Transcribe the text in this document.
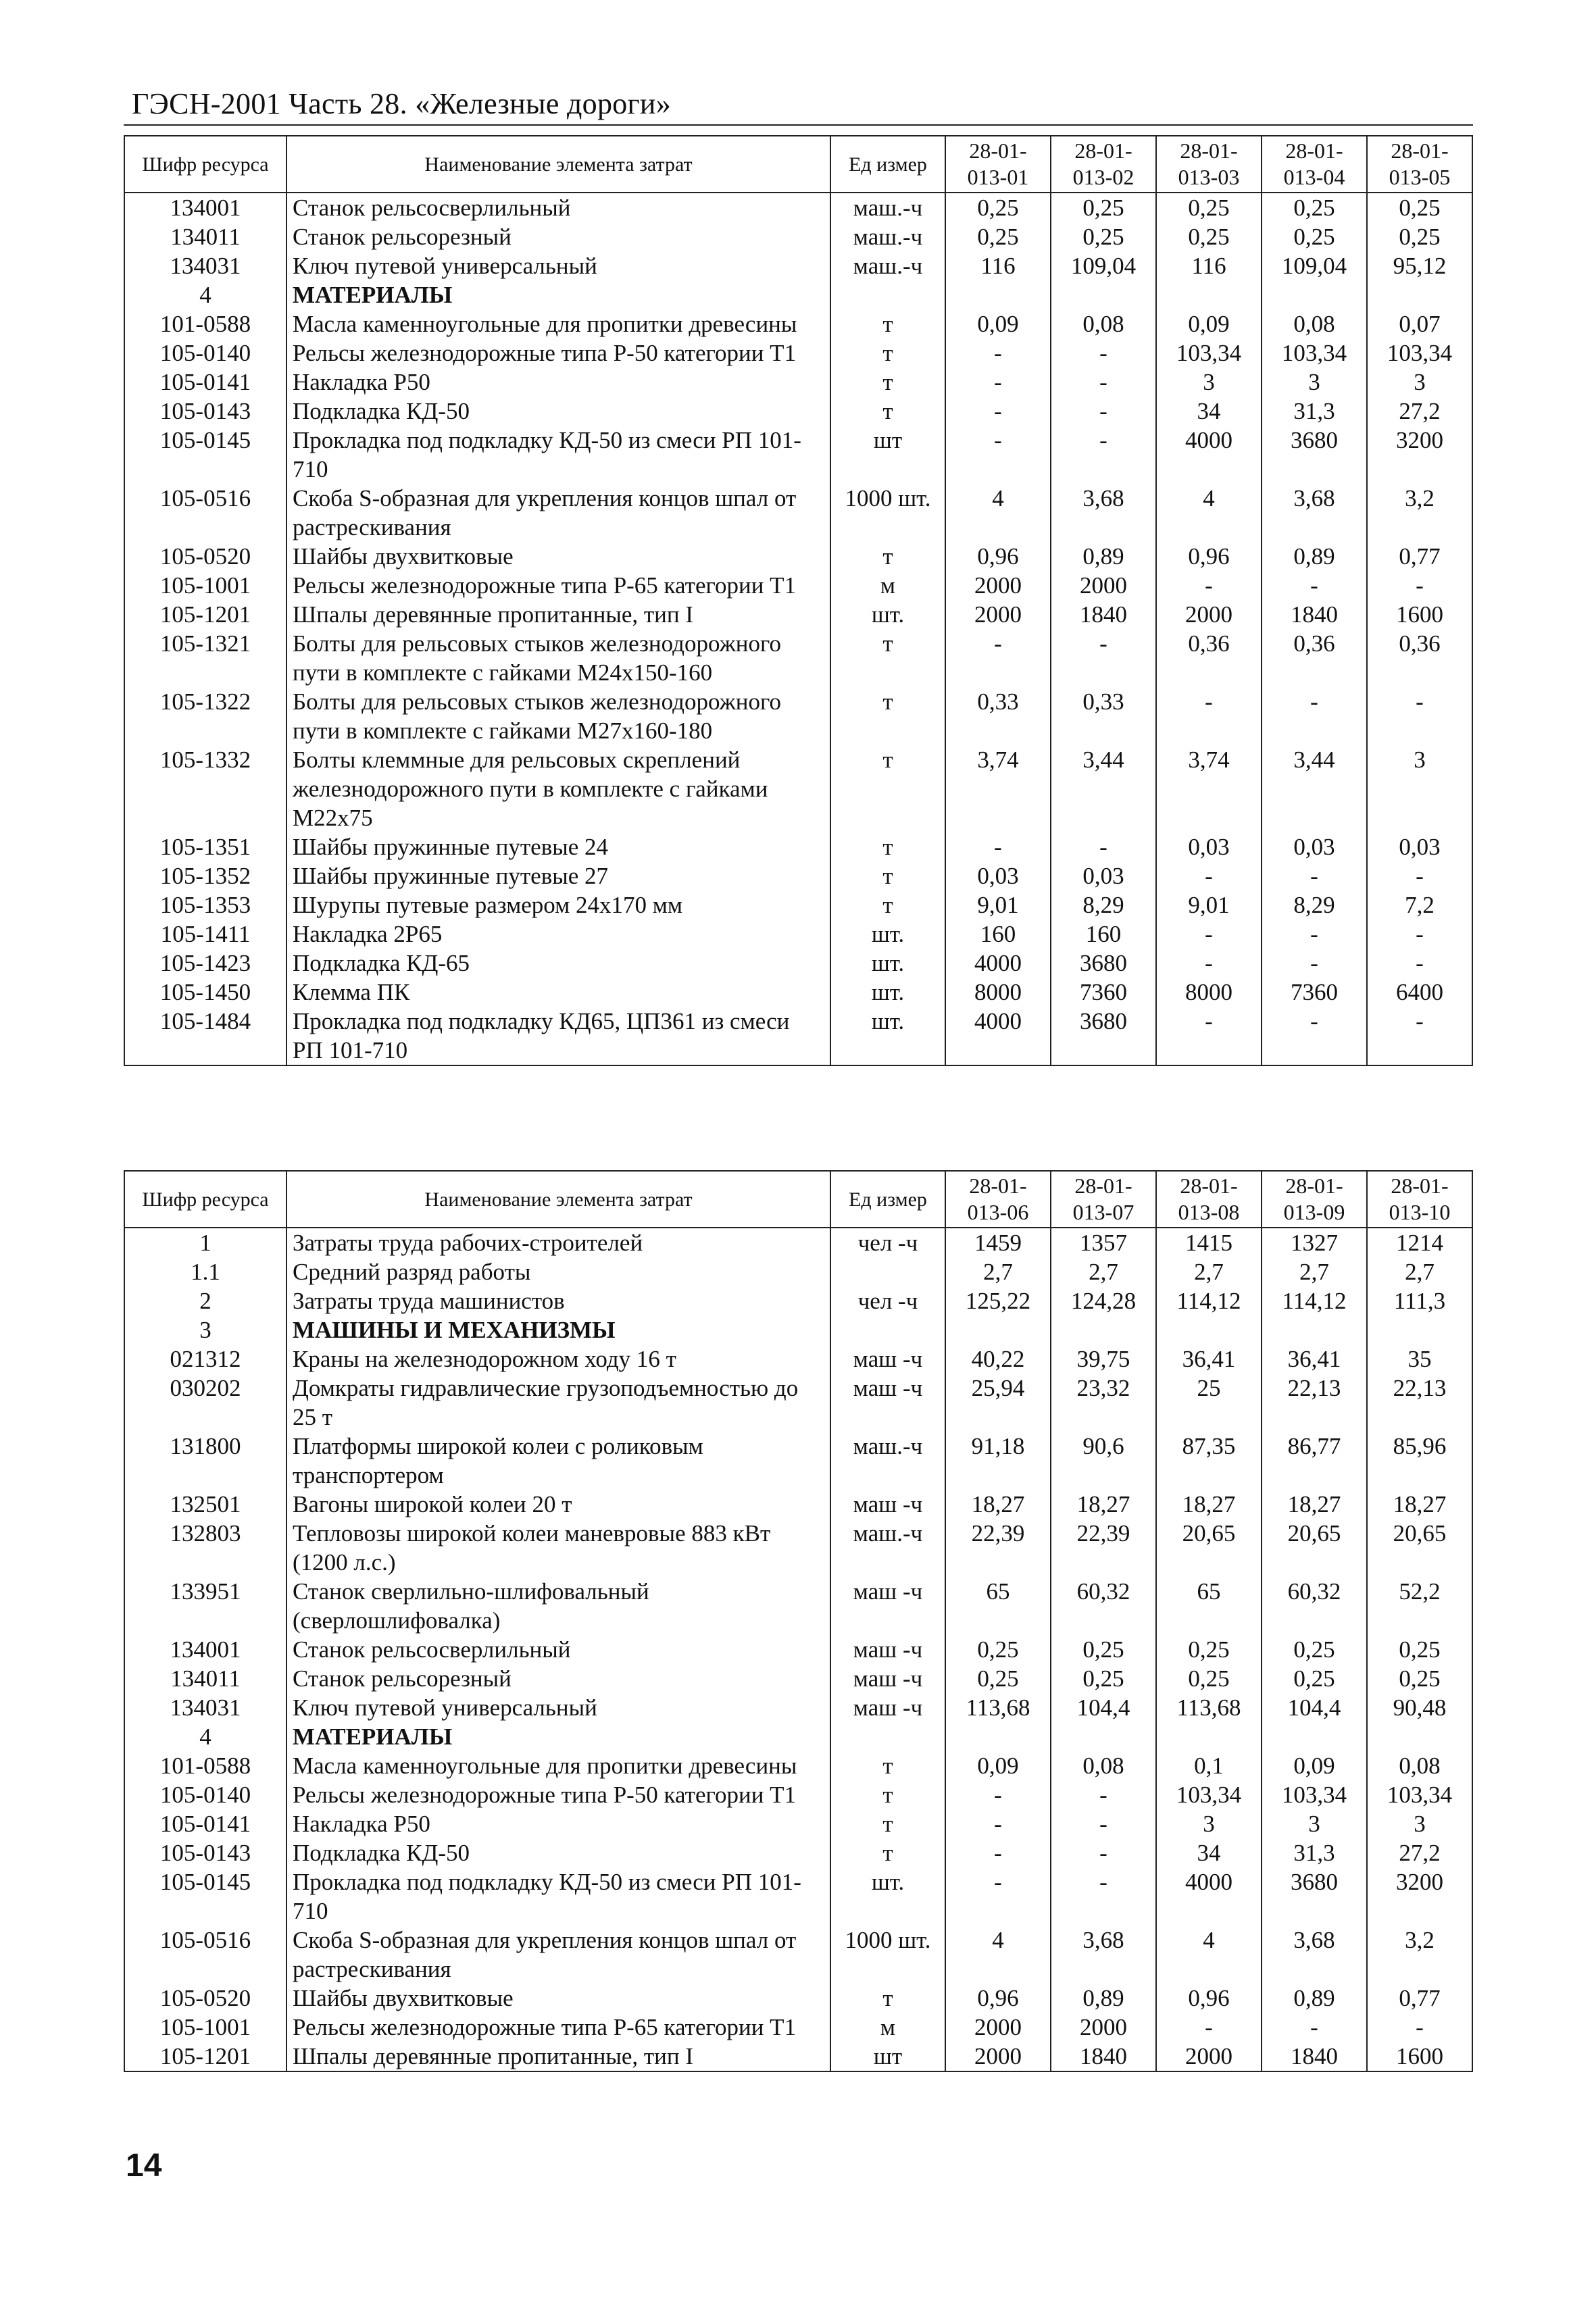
ГЭСН-2001 Часть 28. «Железные дороги»
Шифр ресурса	Наименование элемента затрат	Ед измер	28-01-013-01	28-01-013-02	28-01-013-03	28-01-013-04	28-01-013-05
134001	Станок рельсосверлильный	маш.-ч	0,25	0,25	0,25	0,25	0,25
134011	Станок рельсорезный	маш.-ч	0,25	0,25	0,25	0,25	0,25
134031	Ключ путевой универсальный	маш.-ч	116	109,04	116	109,04	95,12
4	МАТЕРИАЛЫ						
101-0588	Масла каменноугольные для пропитки древесины	т	0,09	0,08	0,09	0,08	0,07
105-0140	Рельсы железнодорожные типа Р-50 категории Т1	т	-	-	103,34	103,34	103,34
105-0141	Накладка Р50	т	-	-	3	3	3
105-0143	Подкладка КД-50	т	-	-	34	31,3	27,2
105-0145	Прокладка под подкладку КД-50 из смеси РП 101-710	шт	-	-	4000	3680	3200
105-0516	Скоба S-образная для укрепления концов шпал от растрескивания	1000 шт.	4	3,68	4	3,68	3,2
105-0520	Шайбы двухвитковые	т	0,96	0,89	0,96	0,89	0,77
105-1001	Рельсы железнодорожные типа Р-65 категории Т1	м	2000	2000	-	-	-
105-1201	Шпалы деревянные пропитанные, тип I	шт.	2000	1840	2000	1840	1600
105-1321	Болты для рельсовых стыков железнодорожного пути в комплекте с гайками М24х150-160	т	-	-	0,36	0,36	0,36
105-1322	Болты для рельсовых стыков железнодорожного пути в комплекте с гайками М27х160-180	т	0,33	0,33	-	-	-
105-1332	Болты клеммные для рельсовых скреплений железнодорожного пути в комплекте с гайками М22х75	т	3,74	3,44	3,74	3,44	3
105-1351	Шайбы пружинные путевые 24	т	-	-	0,03	0,03	0,03
105-1352	Шайбы пружинные путевые 27	т	0,03	0,03	-	-	-
105-1353	Шурупы путевые размером 24х170 мм	т	9,01	8,29	9,01	8,29	7,2
105-1411	Накладка 2Р65	шт.	160	160	-	-	-
105-1423	Подкладка КД-65	шт.	4000	3680	-	-	-
105-1450	Клемма ПК	шт.	8000	7360	8000	7360	6400
105-1484	Прокладка под подкладку КД65, ЦП361 из смеси РП 101-710	шт.	4000	3680	-	-	-
Шифр ресурса	Наименование элемента затрат	Ед измер	28-01-013-06	28-01-013-07	28-01-013-08	28-01-013-09	28-01-013-10
1	Затраты труда рабочих-строителей	чел -ч	1459	1357	1415	1327	1214
1.1	Средний разряд работы		2,7	2,7	2,7	2,7	2,7
2	Затраты труда машинистов	чел -ч	125,22	124,28	114,12	114,12	111,3
3	МАШИНЫ И МЕХАНИЗМЫ						
021312	Краны на железнодорожном ходу 16 т	маш -ч	40,22	39,75	36,41	36,41	35
030202	Домкраты гидравлические грузоподъемностью до 25 т	маш -ч	25,94	23,32	25	22,13	22,13
131800	Платформы широкой колеи с роликовым транспортером	маш.-ч	91,18	90,6	87,35	86,77	85,96
132501	Вагоны широкой колеи 20 т	маш -ч	18,27	18,27	18,27	18,27	18,27
132803	Тепловозы широкой колеи маневровые 883 кВт (1200 л.с.)	маш.-ч	22,39	22,39	20,65	20,65	20,65
133951	Станок сверлильно-шлифовальный (сверлошлифовалка)	маш -ч	65	60,32	65	60,32	52,2
134001	Станок рельсосверлильный	маш -ч	0,25	0,25	0,25	0,25	0,25
134011	Станок рельсорезный	маш -ч	0,25	0,25	0,25	0,25	0,25
134031	Ключ путевой универсальный	маш -ч	113,68	104,4	113,68	104,4	90,48
4	МАТЕРИАЛЫ						
101-0588	Масла каменноугольные для пропитки древесины	т	0,09	0,08	0,1	0,09	0,08
105-0140	Рельсы железнодорожные типа Р-50 категории Т1	т	-	-	103,34	103,34	103,34
105-0141	Накладка Р50	т	-	-	3	3	3
105-0143	Подкладка КД-50	т	-	-	34	31,3	27,2
105-0145	Прокладка под подкладку КД-50 из смеси РП 101-710	шт.	-	-	4000	3680	3200
105-0516	Скоба S-образная для укрепления концов шпал от растрескивания	1000 шт.	4	3,68	4	3,68	3,2
105-0520	Шайбы двухвитковые	т	0,96	0,89	0,96	0,89	0,77
105-1001	Рельсы железнодорожные типа Р-65 категории Т1	м	2000	2000	-	-	-
105-1201	Шпалы деревянные пропитанные, тип I	шт	2000	1840	2000	1840	1600
14
